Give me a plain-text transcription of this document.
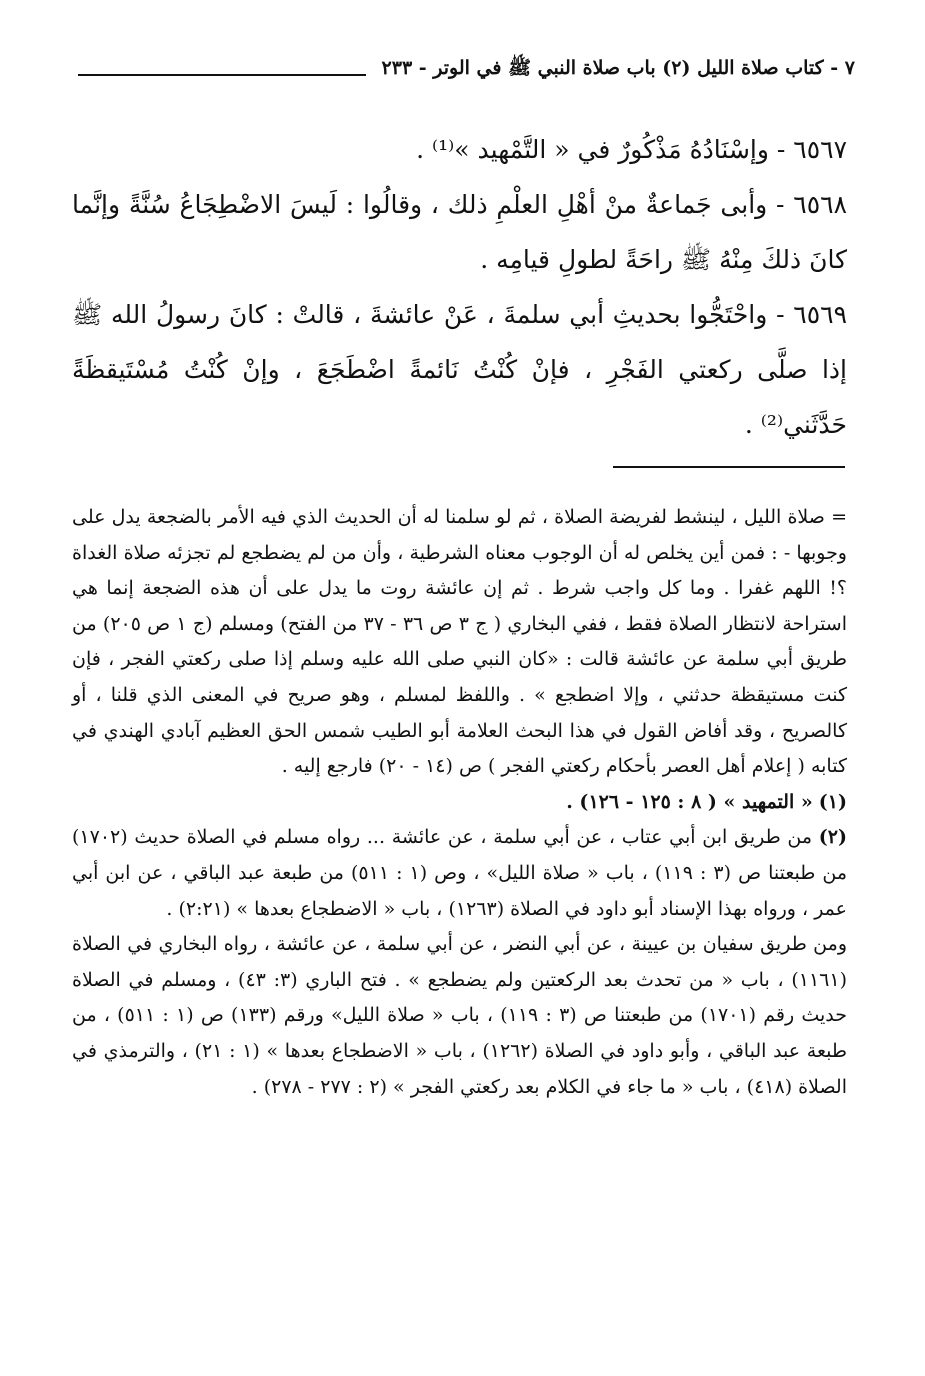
٧ - كتاب صلاة الليل (٢) باب صلاة النبي ﷺ في الوتر - ٢٣٣

٦٥٦٧ - وإسْنَادُهُ مَذْكُورٌ في « التَّمْهيد »⁽¹⁾ .

٦٥٦٨ - وأبى جَماعةٌ منْ أهْلِ العلْمِ ذلك ، وقالُوا : لَيسَ الاضْطِجَاعُ سُنَّةً وإنَّما كانَ ذلكَ مِنْهُ ﷺ راحَةً لطولِ قيامِه .

٦٥٦٩ - واحْتَجُّوا بحديثِ أبي سلمةَ ، عَنْ عائشةَ ، قالتْ : كانَ رسولُ الله ﷺ إذا صلَّى ركعتي الفَجْرِ ، فإنْ كُنْتُ نَائمةً اضْطَجَعَ ، وإنْ كُنْتُ مُسْتَيقظَةً حَدَّثَني⁽²⁾ .

= صلاة الليل ، لينشط لفريضة الصلاة ، ثم لو سلمنا له أن الحديث الذي فيه الأمر بالضجعة يدل على وجوبها - : فمن أين يخلص له أن الوجوب معناه الشرطية ، وأن من لم يضطجع لم تجزئه صلاة الغداة ؟! اللهم غفرا . وما كل واجب شرط . ثم إن عائشة روت ما يدل على أن هذه الضجعة إنما هي استراحة لانتظار الصلاة فقط ، ففي البخاري ( ج ٣ ص ٣٦ - ٣٧ من الفتح) ومسلم (ج ١ ص ٢٠٥) من طريق أبي سلمة عن عائشة قالت : «كان النبي صلى الله عليه وسلم إذا صلى ركعتي الفجر ، فإن كنت مستيقظة حدثني ، وإلا اضطجع » . واللفظ لمسلم ، وهو صريح في المعنى الذي قلنا ، أو كالصريح ، وقد أفاض القول في هذا البحث العلامة أبو الطيب شمس الحق العظيم آبادي الهندي في كتابه ( إعلام أهل العصر بأحكام ركعتي الفجر ) ص (١٤ - ٢٠) فارجع إليه .

(١) « التمهيد » ( ٨ : ١٢٥ - ١٢٦) .

(٢) من طريق ابن أبي عتاب ، عن أبي سلمة ، عن عائشة ... رواه مسلم في الصلاة حديث (١٧٠٢) من طبعتنا ص (٣ : ١١٩) ، باب « صلاة الليل» ، وص (١ : ٥١١) من طبعة عبد الباقي ، عن ابن أبي عمر ، ورواه بهذا الإسناد أبو داود في الصلاة (١٢٦٣) ، باب « الاضطجاع بعدها » (٢:٢١) .

ومن طريق سفيان بن عيينة ، عن أبي النضر ، عن أبي سلمة ، عن عائشة ، رواه البخاري في الصلاة (١١٦١) ، باب « من تحدث بعد الركعتين ولم يضطجع » . فتح الباري (٣: ٤٣) ، ومسلم في الصلاة حديث رقم (١٧٠١) من طبعتنا ص (٣ : ١١٩) ، باب « صلاة الليل» ورقم (١٣٣) ص (١ : ٥١١) ، من طبعة عبد الباقي ، وأبو داود في الصلاة (١٢٦٢) ، باب « الاضطجاع بعدها » (١ : ٢١) ، والترمذي في الصلاة (٤١٨) ، باب « ما جاء في الكلام بعد ركعتي الفجر » (٢ : ٢٧٧ - ٢٧٨) .
